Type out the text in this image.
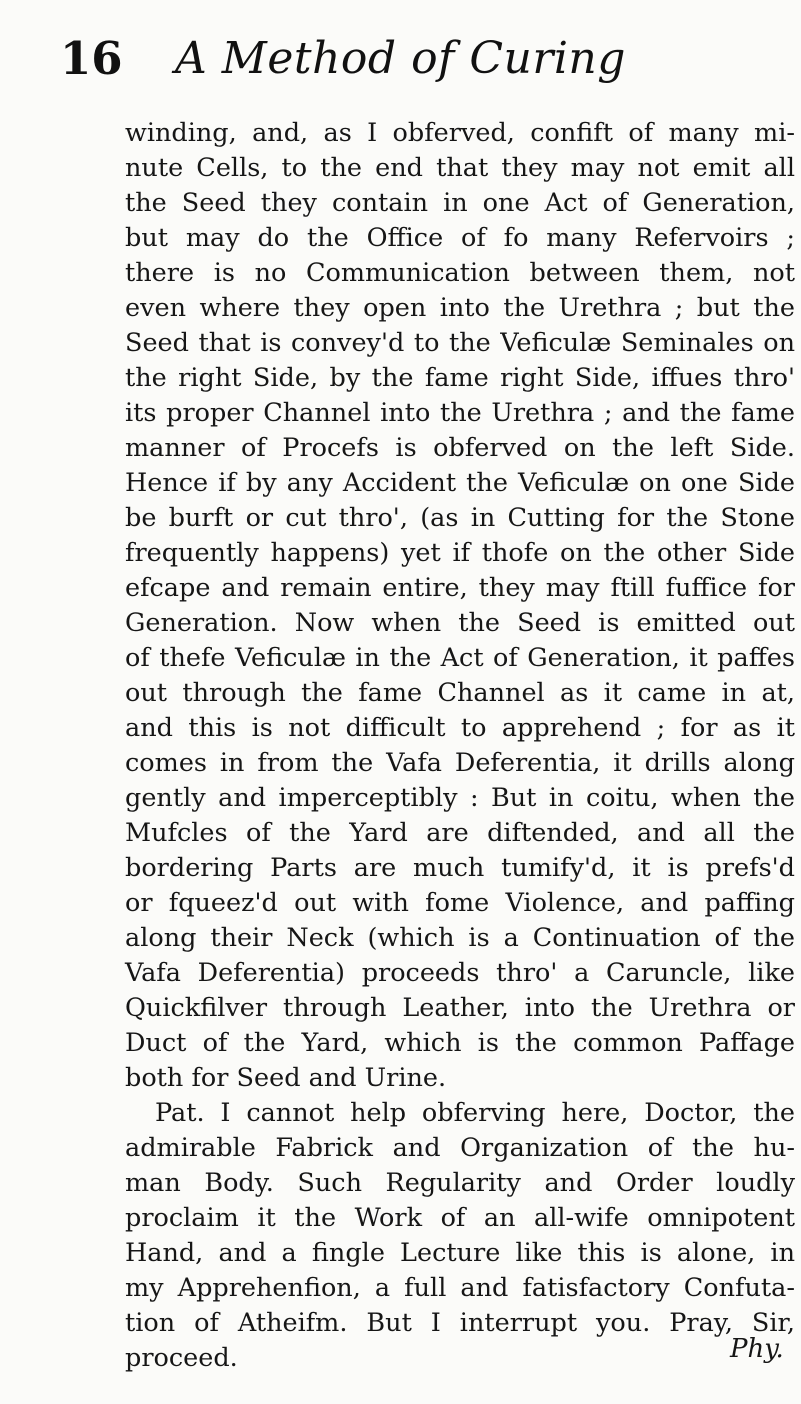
A Method of Curing
16
winding, and, as I obferved, confift of many mi-
nute Cells, to the end that they may not emit all
the Seed they contain in one Act of Generation,
but may do the Office of fo many Refervoirs ;
there is no Communication between them, not
even where they open into the Urethra ; but the
Seed that is convey'd to the Veficulæ Seminales on
the right Side, by the fame right Side, iffues thro'
its proper Channel into the Urethra ; and the fame
manner of Procefs is obferved on the left Side.
Hence if by any Accident the Veficulæ on one Side
be burft or cut thro', (as in Cutting for the Stone
frequently happens) yet if thofe on the other Side
efcape and remain entire, they may ftill fuffice for
Generation. Now when the Seed is emitted out
of thefe Veficulæ in the Act of Generation, it paffes
out through the fame Channel as it came in at,
and this is not difficult to apprehend ; for as it
comes in from the Vafa Deferentia, it drills along
gently and imperceptibly : But in coitu, when the
Mufcles of the Yard are diftended, and all the
bordering Parts are much tumify'd, it is prefs'd
or fqueez'd out with fome Violence, and paffing
along their Neck (which is a Continuation of the
Vafa Deferentia) proceeds thro' a Caruncle, like
Quickfilver through Leather, into the Urethra or
Duct of the Yard, which is the common Paffage
both for Seed and Urine.
Pat. I cannot help obferving here, Doctor, the
admirable Fabrick and Organization of the hu-
man Body. Such Regularity and Order loudly
proclaim it the Work of an all-wife omnipotent
Hand, and a fingle Lecture like this is alone, in
my Apprehenfion, a full and fatisfactory Confuta-
tion of Atheifm. But I interrupt you. Pray, Sir,
proceed.	Phy.
